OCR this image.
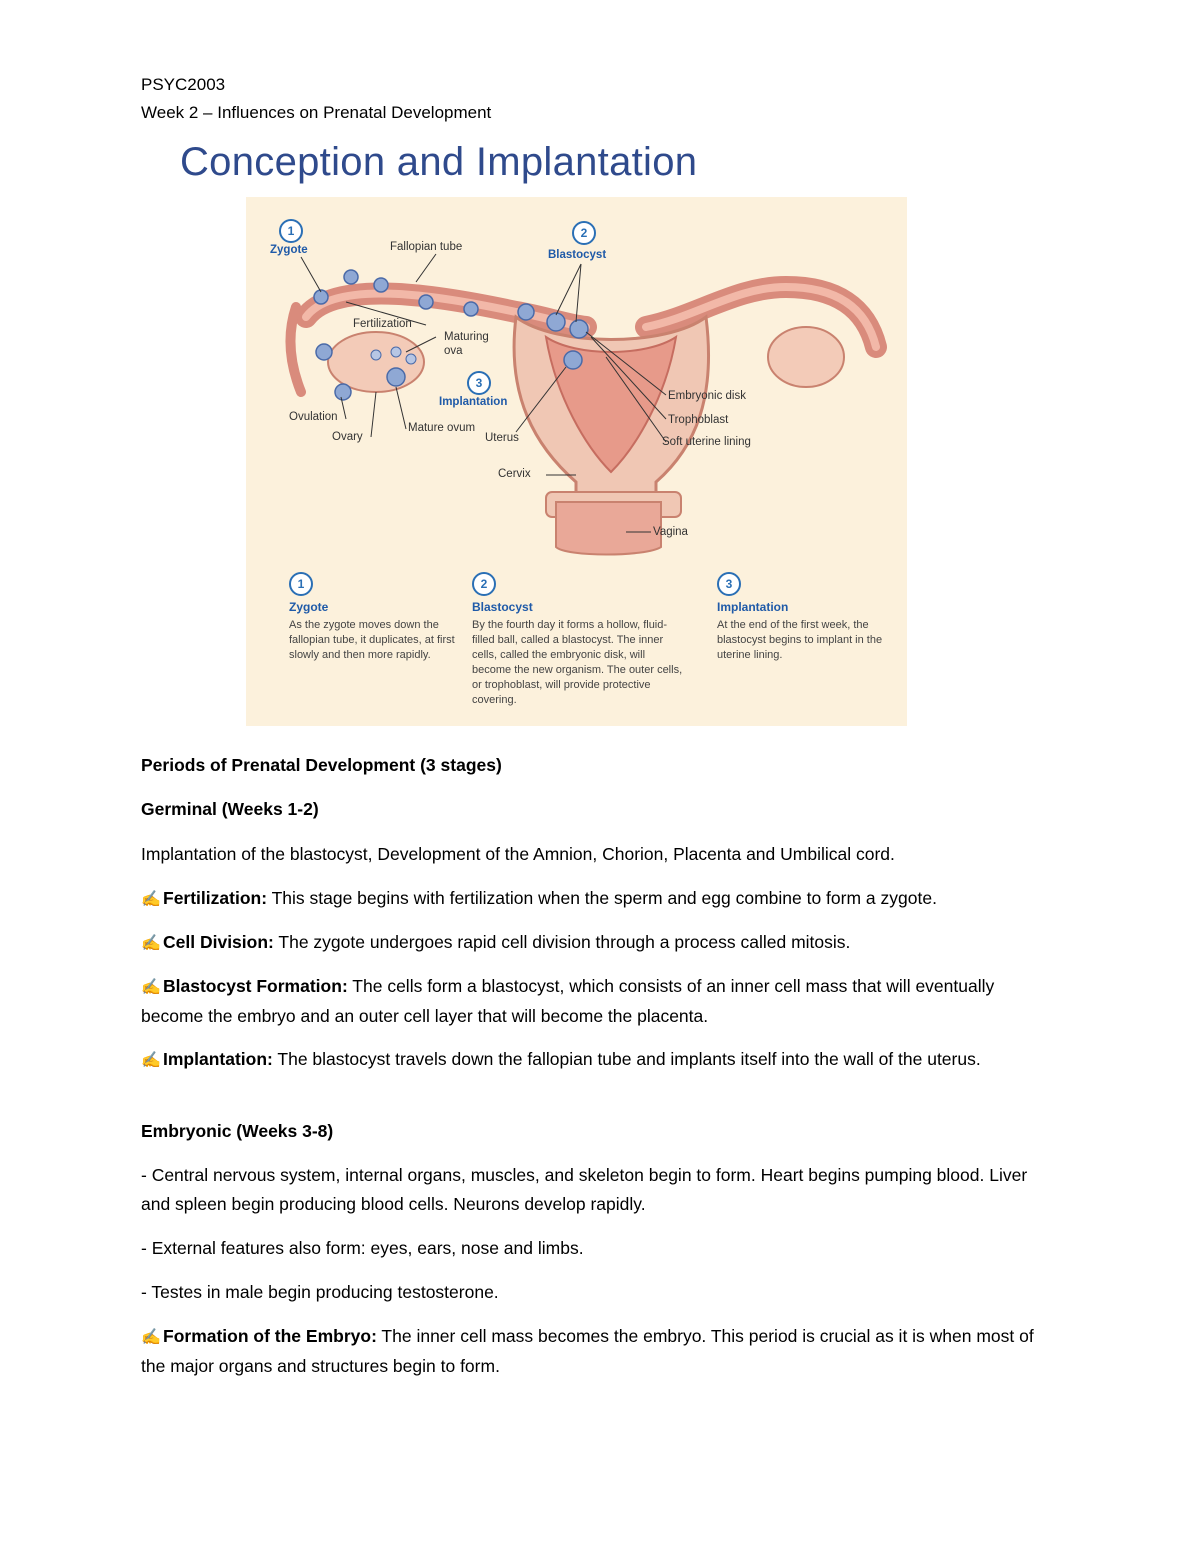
PSYC2003
Week 2 – Influences on Prenatal Development
Conception and Implantation
1
Zygote	Fallopian tube
2
Blastocyst
Fertilization
Maturing ova
3
Implantation
Ovulation
Ovary
Mature ovum
Uterus
Embryonic disk
Trophoblast
Soft uterine lining
Cervix
Vagina
1
Zygote
As the zygote moves down the fallopian tube, it duplicates, at first slowly and then more rapidly.
2
Blastocyst
By the fourth day it forms a hollow, fluid-filled ball, called a blastocyst. The inner cells, called the embryonic disk, will become the new organism. The outer cells, or trophoblast, will provide protective covering.
3
Implantation
At the end of the first week, the blastocyst begins to implant in the uterine lining.
Periods of Prenatal Development (3 stages)
Germinal (Weeks 1-2)
Implantation of the blastocyst, Development of the Amnion, Chorion, Placenta and Umbilical cord.
✍ Fertilization: This stage begins with fertilization when the sperm and egg combine to form a zygote.
✍ Cell Division: The zygote undergoes rapid cell division through a process called mitosis.
✍ Blastocyst Formation: The cells form a blastocyst, which consists of an inner cell mass that will eventually become the embryo and an outer cell layer that will become the placenta.
✍ Implantation: The blastocyst travels down the fallopian tube and implants itself into the wall of the uterus.
Embryonic (Weeks 3-8)
- Central nervous system, internal organs, muscles, and skeleton begin to form. Heart begins pumping blood. Liver and spleen begin producing blood cells. Neurons develop rapidly.
- External features also form: eyes, ears, nose and limbs.
- Testes in male begin producing testosterone.
✍ Formation of the Embryo: The inner cell mass becomes the embryo. This period is crucial as it is when most of the major organs and structures begin to form.
